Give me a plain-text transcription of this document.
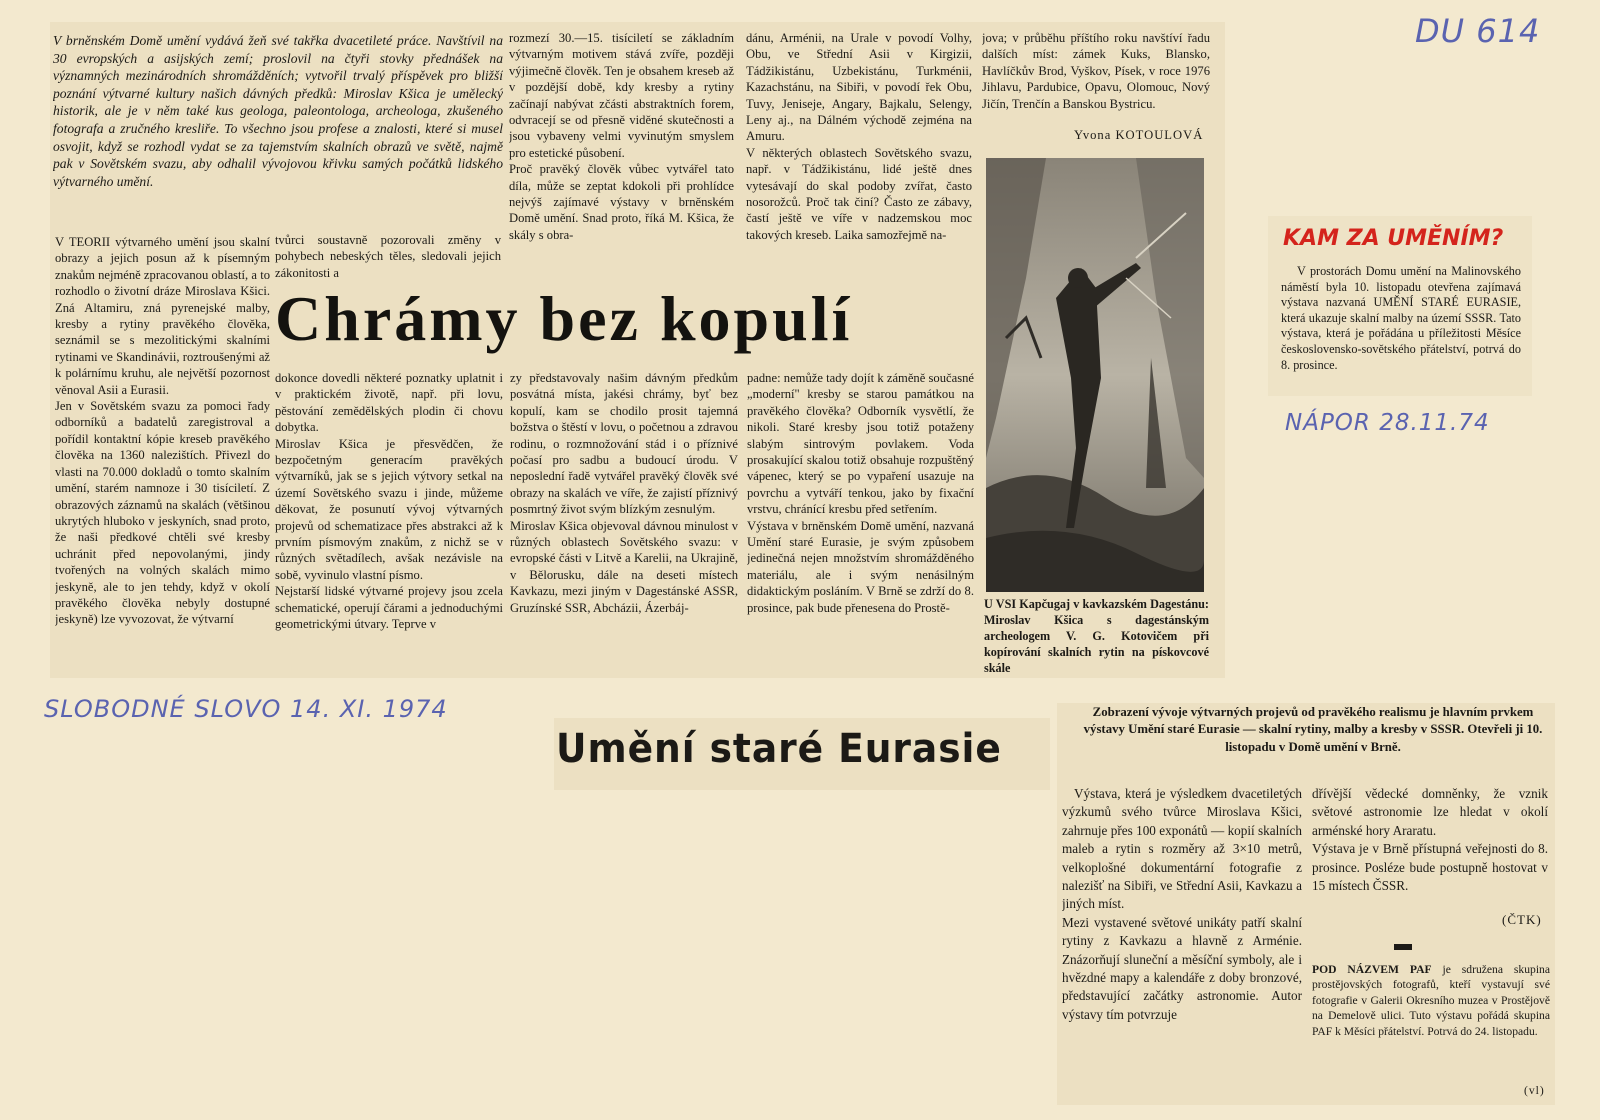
DU 614
V brněnském Domě umění vydává žeň své takřka dvacetileté práce. Navštívil na 30 evropských a asijských zemí; proslovil na čtyři stovky přednášek na významných mezinárodních shromážděních; vytvořil trvalý příspěvek pro bližší poznání výtvarné kultury našich dávných předků: Miroslav Kšica je umělecký historik, ale je v něm také kus geologa, paleontologa, archeologa, zkušeného fotografa a zručného kresliře. To všechno jsou profese a znalosti, které si musel osvojit, když se rozhodl vydat se za tajemstvím skalních obrazů ve světě, najmě pak v Sovětském svazu, aby odhalil vývojovou křivku samých počátků lidského výtvarného umění.
rozmezí 30.—15. tisíciletí se základním výtvarným motivem stává zvíře, později výjimečně člověk. Ten je obsahem kreseb až v pozdější době, kdy kresby a rytiny začínají nabývat zčásti abstraktních forem, odvracejí se od přesně viděné skutečnosti a jsou vybaveny velmi vyvinutým smyslem pro estetické působení.
Proč pravěký člověk vůbec vytvářel tato díla, může se zeptat kdokoli při prohlídce nejvýš zajímavé výstavy v brněnském Domě umění. Snad proto, říká M. Kšica, že skály s obra-
dánu, Arménii, na Urale v povodí Volhy, Obu, ve Střední Asii v Kirgizii, Tádžikistánu, Uzbekistánu, Turkménii, Kazachstánu, na Sibiři, v povodí řek Obu, Tuvy, Jeniseje, Angary, Bajkalu, Selengy, Leny aj., na Dálném východě zejména na Amuru.
V některých oblastech Sovětského svazu, např. v Tádžikistánu, lidé ještě dnes vytesávají do skal podoby zvířat, často nosorožců. Proč tak činí? Často ze zábavy, častí ještě ve víře v nadzemskou moc takových kreseb. Laika samozřejmě na-
jova; v průběhu příštího roku navštíví řadu dalších míst: zámek Kuks, Blansko, Havlíčkův Brod, Vyškov, Písek, v roce 1976 Jihlavu, Pardubice, Opavu, Olomouc, Nový Jičín, Trenčín a Banskou Bystricu.
Yvona KOTOULOVÁ
V TEORII výtvarného umění jsou skalní obrazy a jejich posun až k písemným znakům nejméně zpracovanou oblastí, a to rozhodlo o životní dráze Miroslava Kšici. Zná Altamiru, zná pyrenejské malby, kresby a rytiny pravěkého člověka, seznámil se s mezolitickými skalními rytinami ve Skandinávii, roztroušenými až k polárnímu kruhu, ale největší pozornost věnoval Asii a Eurasii.
Jen v Sovětském svazu za pomoci řady odborníků a badatelů zaregistroval a pořídil kontaktní kópie kreseb pravěkého člověka na 1360 nalezištích. Přivezl do vlasti na 70.000 dokladů o tomto skalním umění, starém namnoze i 30 tisíciletí. Z obrazových záznamů na skalách (většinou ukrytých hluboko v jeskyních, snad proto, že naši předkové chtěli své kresby uchránit před nepovolanými, jindy tvořených na volných skalách mimo jeskyně, ale to jen tehdy, když v okolí pravěkého člověka nebyly dostupné jeskyně) lze vyvozovat, že výtvarní
tvůrci soustavně pozorovali změny v pohybech nebeských těles, sledovali jejich zákonitosti a
Chrámy bez kopulí
dokonce dovedli některé poznatky uplatnit i v praktickém životě, např. při lovu, pěstování zemědělských plodin či chovu dobytka.
Miroslav Kšica je přesvědčen, že bezpočetným generacím pravěkých výtvarníků, jak se s jejich výtvory setkal na území Sovětského svazu i jinde, můžeme děkovat, že posunutí vývoj výtvarných projevů od schematizace přes abstrakci až k prvním písmovým znakům, z nichž se v různých světadílech, avšak nezávisle na sobě, vyvinulo vlastní písmo.
Nejstarší lidské výtvarné projevy jsou zcela schematické, operují čárami a jednoduchými geometrickými útvary. Teprve v
zy představovaly našim dávným předkům posvátná místa, jakési chrámy, byť bez kopulí, kam se chodilo prosit tajemná božstva o štěstí v lovu, o početnou a zdravou rodinu, o rozmnožování stád i o příznivé počasí pro sadbu a budoucí úrodu. V neposlední řadě vytvářel pravěký člověk své obrazy na skalách ve víře, že zajistí příznivý posmrtný život svým blízkým zesnulým.
Miroslav Kšica objevoval dávnou minulost v různých oblastech Sovětského svazu: v evropské části v Litvě a Karelii, na Ukrajině, v Bělorusku, dále na deseti místech Kavkazu, mezi jiným v Dagestánské ASSR, Gruzínské SSR, Abcházii, Ázerbáj-
padne: nemůže tady dojít k záměně současné „moderní" kresby se starou památkou na pravěkého člověka? Odborník vysvětlí, že nikoli. Staré kresby jsou totiž potaženy slabým sintrovým povlakem. Voda prosakující skalou totiž obsahuje rozpuštěný vápenec, který se po vypaření usazuje na povrchu a vytváří tenkou, jako by fixační vrstvu, chránící kresbu před setřením.
Výstava v brněnském Domě umění, nazvaná Umění staré Eurasie, je svým způsobem jedinečná nejen množstvím shromážděného materiálu, ale i svým nenásilným didaktickým posláním. V Brně se zdrží do 8. prosince, pak bude přenesena do Prostě-	U VSI Kapčugaj v kavkazském Dagestánu: Miroslav Kšica s dagestánským archeologem V. G. Kotovičem při kopírování skalních rytin na pískovcové skále
SLOBODNÉ SLOVO 14. XI. 1974
KAM ZA UMĚNÍM?
V prostorách Domu umění na Malinovského náměstí byla 10. listopadu otevřena zajímavá výstava nazvaná UMĚNÍ STARÉ EURASIE, která ukazuje skalní malby na území SSSR. Tato výstava, která je pořádána u příležitosti Měsíce československo-sovětského přátelství, potrvá do 8. prosince.
NÁPOR 28.11.74
Umění staré Eurasie
Zobrazení vývoje výtvarných projevů od pravěkého realismu je hlavním prvkem výstavy Umění staré Eurasie — skalní rytiny, malby a kresby v SSSR. Otevřeli ji 10. listopadu v Domě umění v Brně.
Výstava, která je výsledkem dvacetiletých výzkumů svého tvůrce Miroslava Kšici, zahrnuje přes 100 exponátů — kopií skalních maleb a rytin s rozměry až 3×10 metrů, velkoplošné dokumentární fotografie z nalezišť na Sibiři, ve Střední Asii, Kavkazu a jiných míst.
Mezi vystavené světové unikáty patří skalní rytiny z Kavkazu a hlavně z Arménie. Znázorňují sluneční a měsíční symboly, ale i hvězdné mapy a kalendáře z doby bronzové, představující začátky astronomie. Autor výstavy tím potvrzuje
dřívější vědecké domněnky, že vznik světové astronomie lze hledat v okolí arménské hory Araratu.
Výstava je v Brně přístupná veřejnosti do 8. prosince. Posléze bude postupně hostovat v 15 místech ČSSR.
(ČTK)
POD NÁZVEM PAF je sdružena skupina prostějovských fotografů, kteří vystavují své fotografie v Galerii Okresního muzea v Prostějově na Demelově ulici. Tuto výstavu pořádá skupina PAF k Měsíci přátelství. Potrvá do 24. listopadu.
(vl)
